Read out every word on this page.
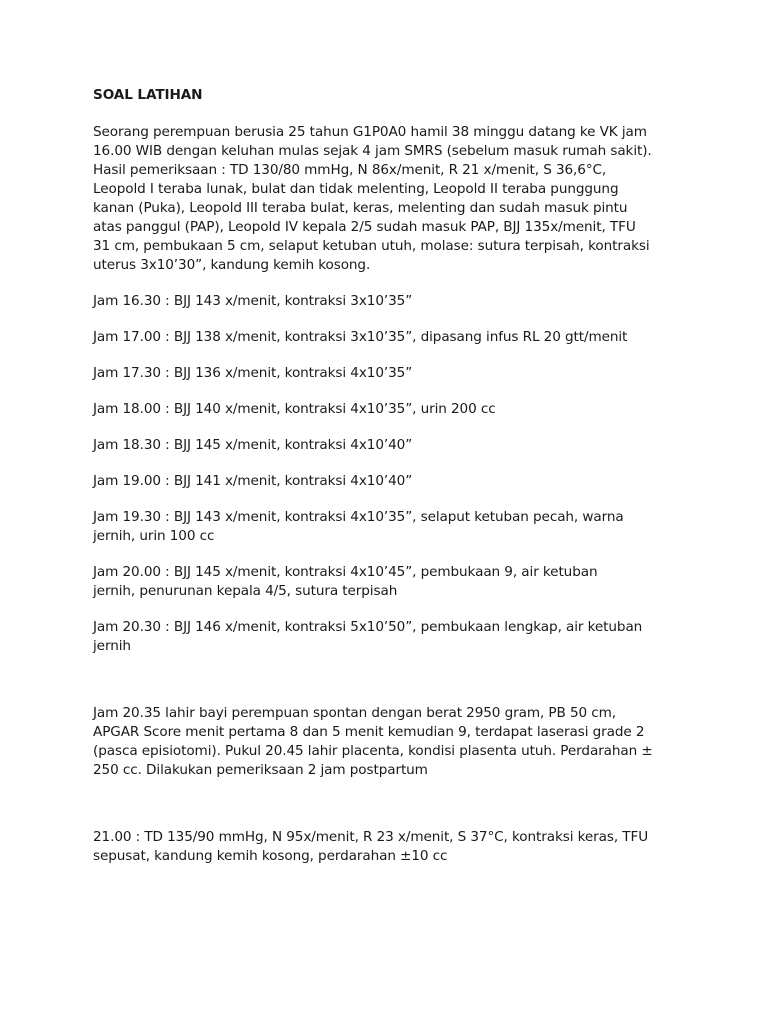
SOAL LATIHAN
Seorang perempuan berusia 25 tahun G1P0A0 hamil 38 minggu datang ke VK jam
16.00 WIB dengan keluhan mulas sejak 4 jam SMRS (sebelum masuk rumah sakit).
Hasil pemeriksaan : TD 130/80 mmHg, N 86x/menit, R 21 x/menit, S 36,6°C,
Leopold I teraba lunak, bulat dan tidak melenting, Leopold II teraba punggung
kanan (Puka), Leopold III teraba bulat, keras, melenting dan sudah masuk pintu
atas panggul (PAP), Leopold IV kepala 2/5 sudah masuk PAP, BJJ 135x/menit, TFU
31 cm, pembukaan 5 cm, selaput ketuban utuh, molase: sutura terpisah, kontraksi
uterus 3x10’30”, kandung kemih kosong.
Jam 16.30 : BJJ 143 x/menit, kontraksi 3x10’35”
Jam 17.00 : BJJ 138 x/menit, kontraksi 3x10’35”, dipasang infus RL 20 gtt/menit
Jam 17.30 : BJJ 136 x/menit, kontraksi 4x10’35”
Jam 18.00 : BJJ 140 x/menit, kontraksi 4x10’35”, urin 200 cc
Jam 18.30 : BJJ 145 x/menit, kontraksi 4x10’40”
Jam 19.00 : BJJ 141 x/menit, kontraksi 4x10’40”
Jam 19.30 : BJJ 143 x/menit, kontraksi 4x10’35”, selaput ketuban pecah, warna
jernih, urin 100 cc
Jam 20.00 : BJJ 145 x/menit, kontraksi 4x10’45”, pembukaan 9, air ketuban
jernih, penurunan kepala 4/5, sutura terpisah
Jam 20.30 : BJJ 146 x/menit, kontraksi 5x10’50”, pembukaan lengkap, air ketuban
jernih
Jam 20.35 lahir bayi perempuan spontan dengan berat 2950 gram, PB 50 cm,
APGAR Score menit pertama 8 dan 5 menit kemudian 9, terdapat laserasi grade 2
(pasca episiotomi). Pukul 20.45 lahir placenta, kondisi plasenta utuh. Perdarahan ±
250 cc. Dilakukan pemeriksaan 2 jam postpartum
21.00 : TD 135/90 mmHg, N 95x/menit, R 23 x/menit, S 37°C, kontraksi keras, TFU
sepusat, kandung kemih kosong, perdarahan ±10 cc
